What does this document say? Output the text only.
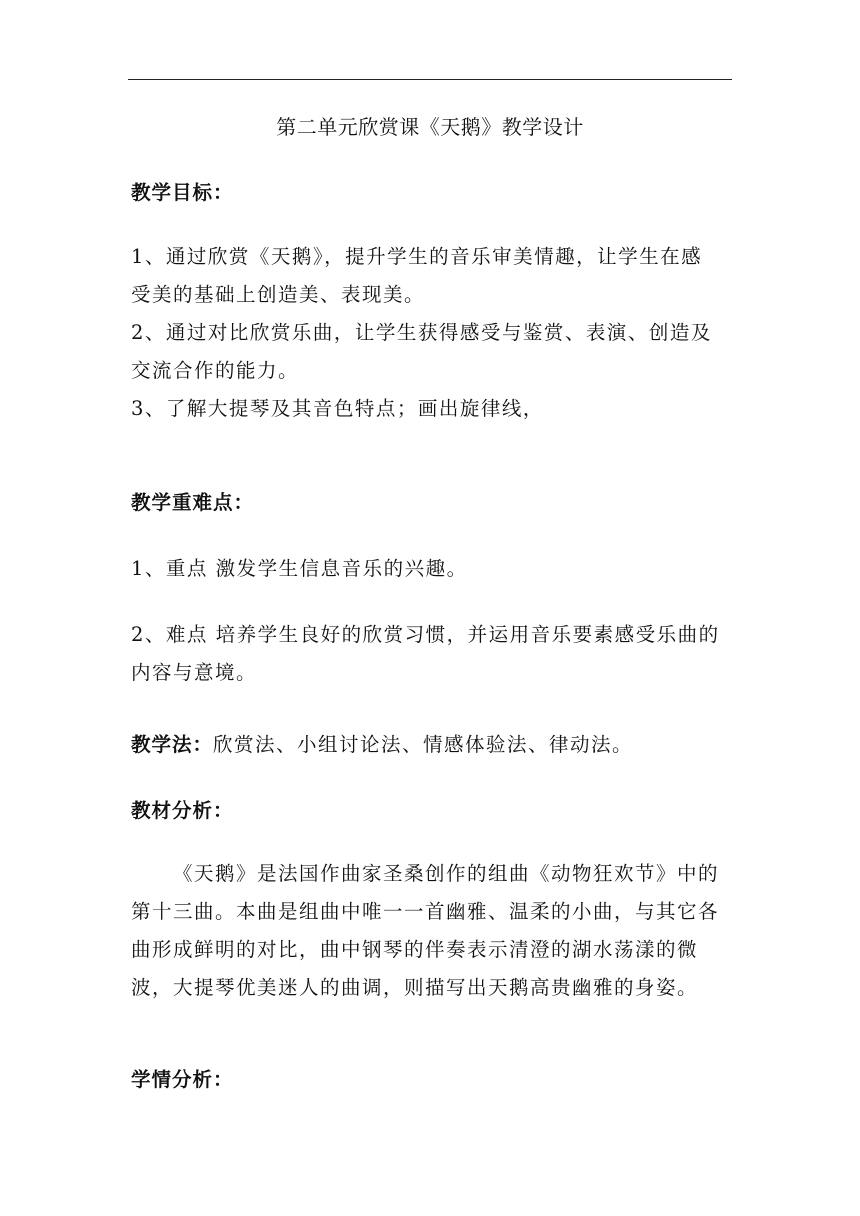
第二单元欣赏课《天鹅》教学设计
教学目标：
1、通过欣赏《天鹅》，提升学生的音乐审美情趣，让学生在感
受美的基础上创造美、表现美。
2、通过对比欣赏乐曲，让学生获得感受与鉴赏、表演、创造及
交流合作的能力。
3、了解大提琴及其音色特点；画出旋律线，
教学重难点：
1、重点 激发学生信息音乐的兴趣。
2、难点 培养学生良好的欣赏习惯，并运用音乐要素感受乐曲的
内容与意境。
教学法：欣赏法、小组讨论法、情感体验法、律动法。
教材分析：
《天鹅》是法国作曲家圣桑创作的组曲《动物狂欢节》中的
第十三曲。本曲是组曲中唯一一首幽雅、温柔的小曲，与其它各
曲形成鲜明的对比，曲中钢琴的伴奏表示清澄的湖水荡漾的微
波，大提琴优美迷人的曲调，则描写出天鹅高贵幽雅的身姿。
学情分析：
